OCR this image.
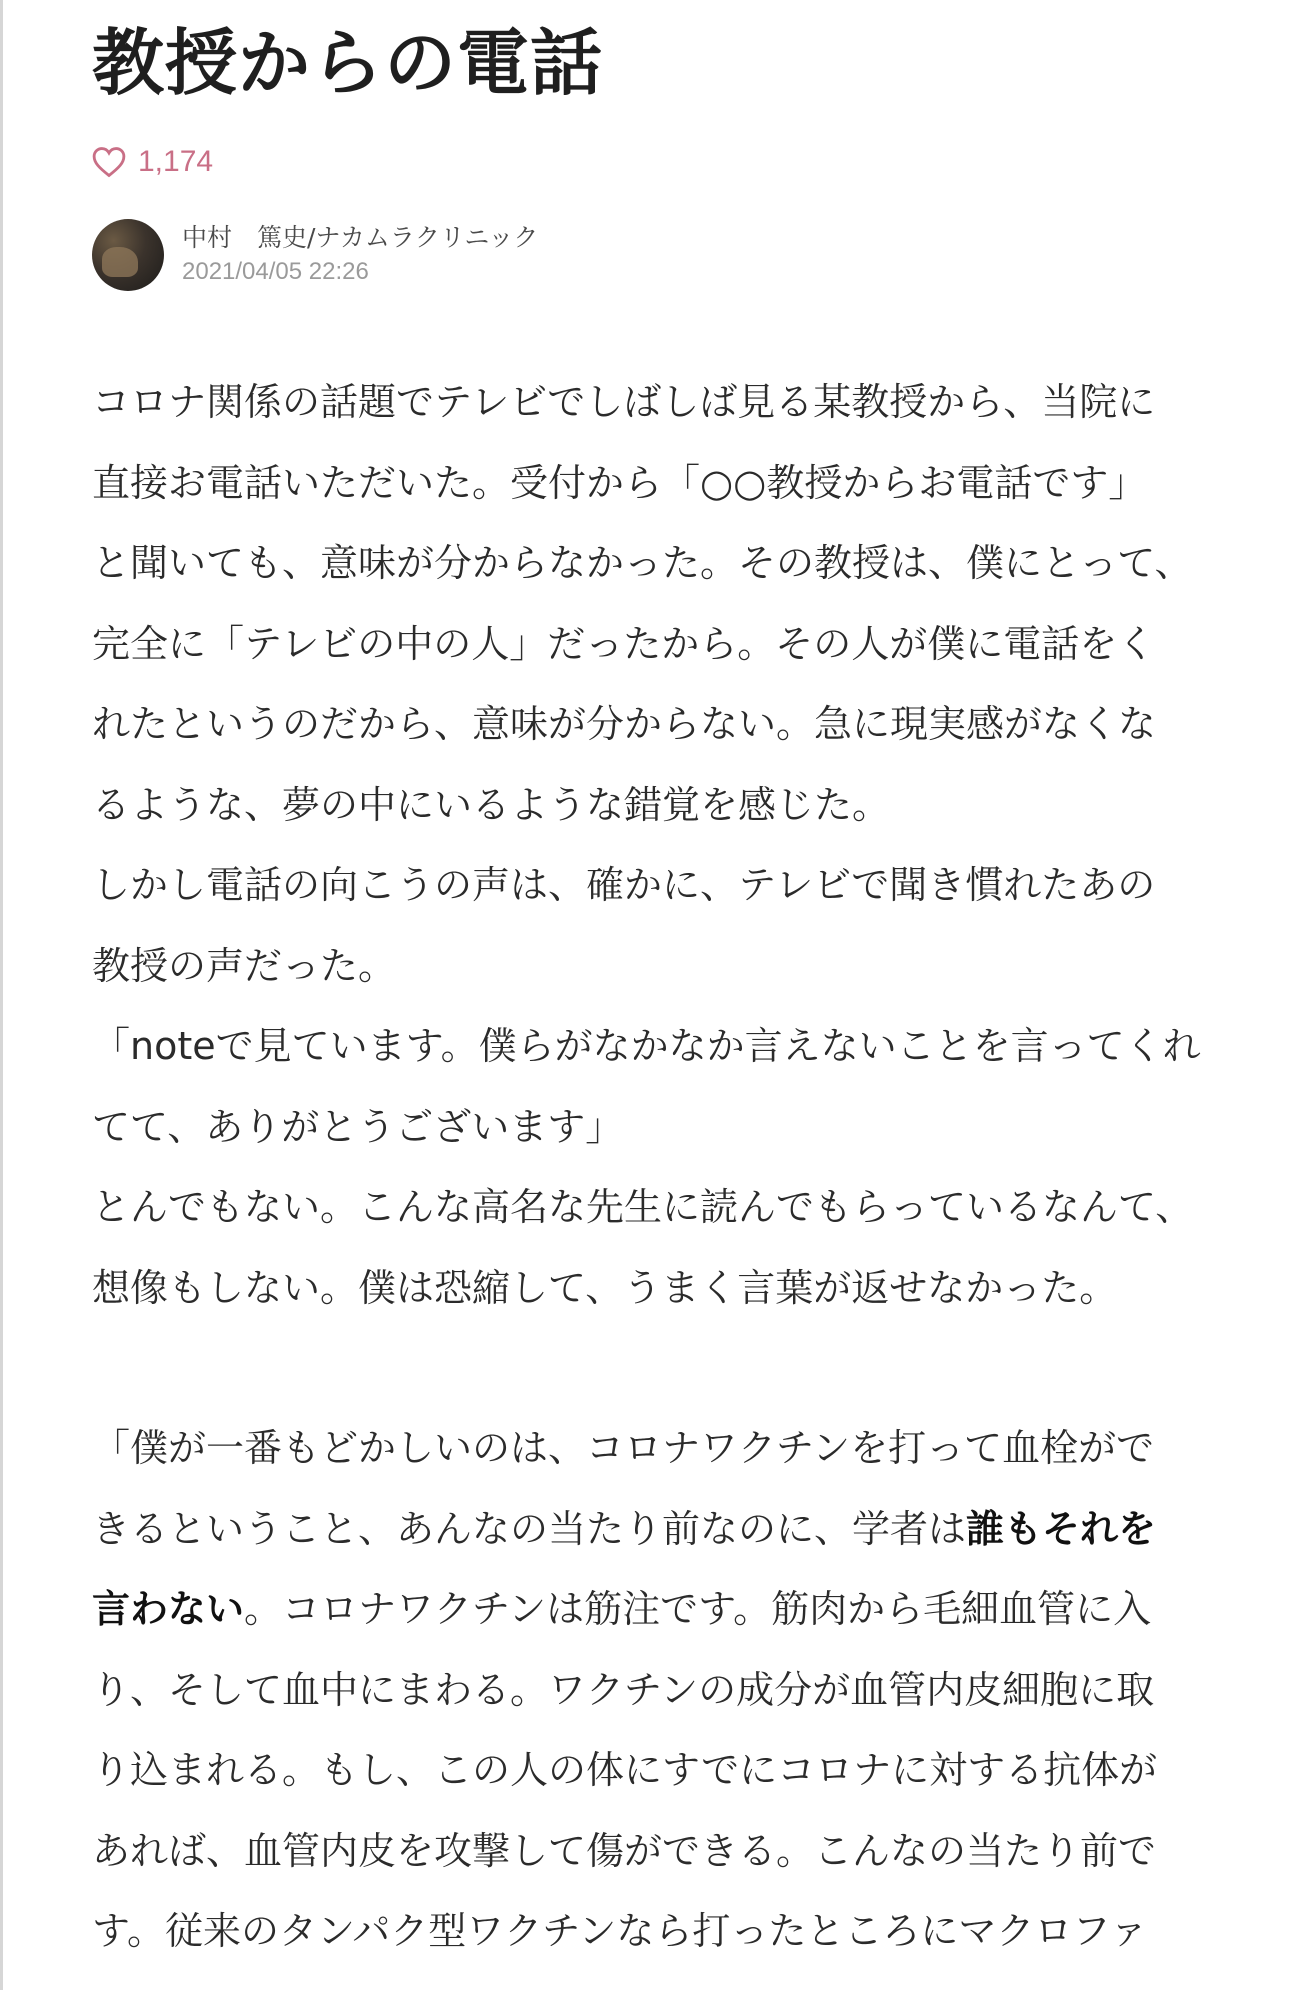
教授からの電話
1,174
中村　篤史/ナカムラクリニック
2021/04/05 22:26

コロナ関係の話題でテレビでしばしば見る某教授から、当院に

直接お電話いただいた。受付から「○○教授からお電話です」

と聞いても、意味が分からなかった。その教授は、僕にとって、

完全に「テレビの中の人」だったから。その人が僕に電話をく

れたというのだから、意味が分からない。急に現実感がなくな

るような、夢の中にいるような錯覚を感じた。

しかし電話の向こうの声は、確かに、テレビで聞き慣れたあの

教授の声だった。

「noteで見ています。僕らがなかなか言えないことを言ってくれ

てて、ありがとうございます」

とんでもない。こんな高名な先生に読んでもらっているなんて、

想像もしない。僕は恐縮して、うまく言葉が返せなかった。

「僕が一番もどかしいのは、コロナワクチンを打って血栓がで

きるということ、あんなの当たり前なのに、学者は誰もそれを

言わない。コロナワクチンは筋注です。筋肉から毛細血管に入

り、そして血中にまわる。ワクチンの成分が血管内皮細胞に取

り込まれる。もし、この人の体にすでにコロナに対する抗体が

あれば、血管内皮を攻撃して傷ができる。こんなの当たり前で

す。従来のタンパク型ワクチンなら打ったところにマクロファ
